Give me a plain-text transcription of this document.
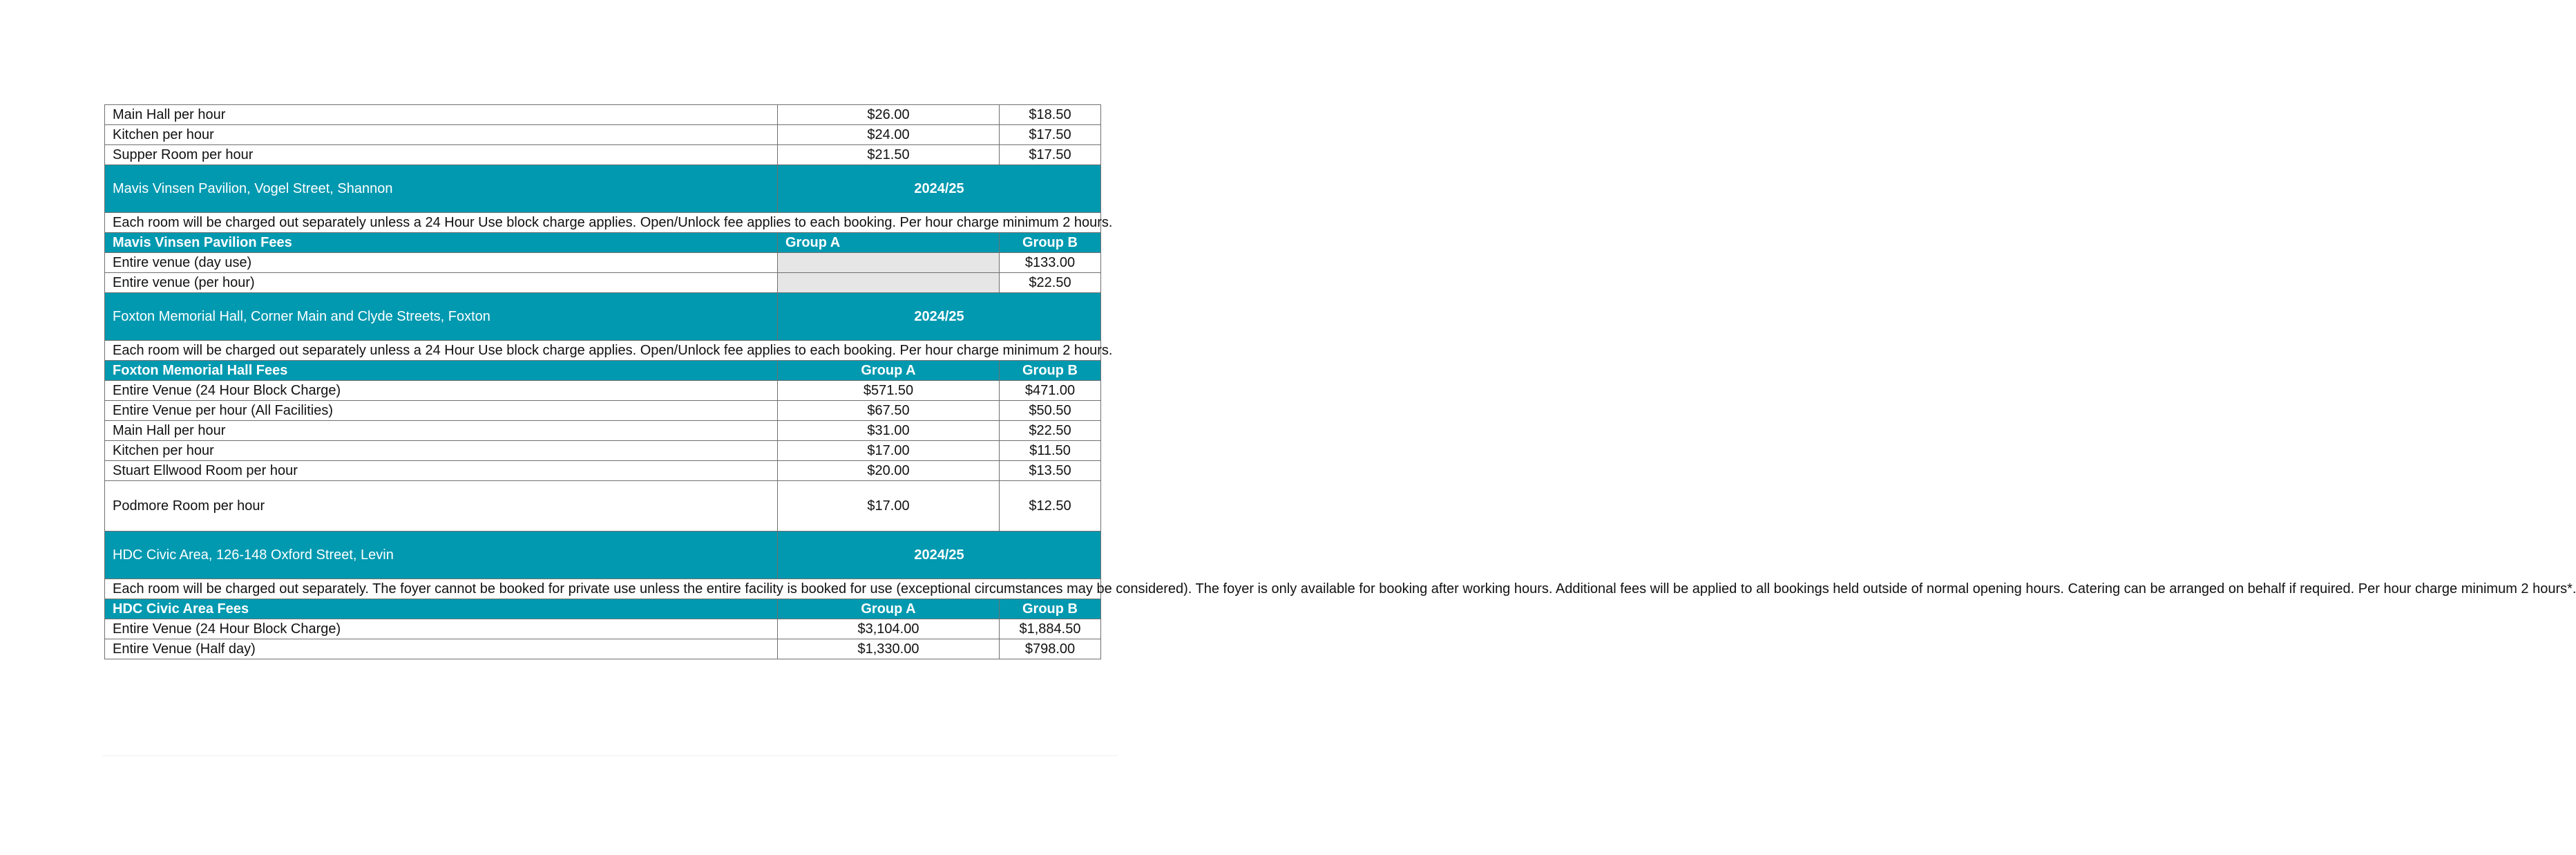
Main Hall per hour	$26.00	$18.50
Kitchen per hour	$24.00	$17.50
Supper Room per hour	$21.50	$17.50
Mavis Vinsen Pavilion, Vogel Street, Shannon	2024/25	
Each room will be charged out separately unless a 24 Hour Use block charge applies. Open/Unlock fee applies to each booking. Per hour charge minimum 2 hours.		
Mavis Vinsen Pavilion Fees	Group A	Group B
Entire venue (day use)		$133.00
Entire venue (per hour)		$22.50
Foxton Memorial Hall, Corner Main and Clyde Streets, Foxton	2024/25	
Each room will be charged out separately unless a 24 Hour Use block charge applies. Open/Unlock fee applies to each booking. Per hour charge minimum 2 hours.		
Foxton Memorial Hall Fees	Group A	Group B
Entire Venue (24 Hour Block Charge)	$571.50	$471.00
Entire Venue per hour (All Facilities)	$67.50	$50.50
Main Hall per hour	$31.00	$22.50
Kitchen per hour	$17.00	$11.50
Stuart Ellwood Room per hour	$20.00	$13.50
Podmore Room per hour	$17.00	$12.50
HDC Civic Area, 126-148 Oxford Street, Levin	2024/25	
Each room will be charged out separately. The foyer cannot be booked for private use unless the entire facility is booked for use (exceptional circumstances may be considered). The foyer is only available for booking after working hours. Additional fees will be applied to all bookings held outside of normal opening hours. Catering can be arranged on behalf if required. Per hour charge minimum 2 hours*.		
HDC Civic Area Fees	Group A	Group B
Entire Venue (24 Hour Block Charge)	$3,104.00	$1,884.50
Entire Venue (Half day)	$1,330.00	$798.00
